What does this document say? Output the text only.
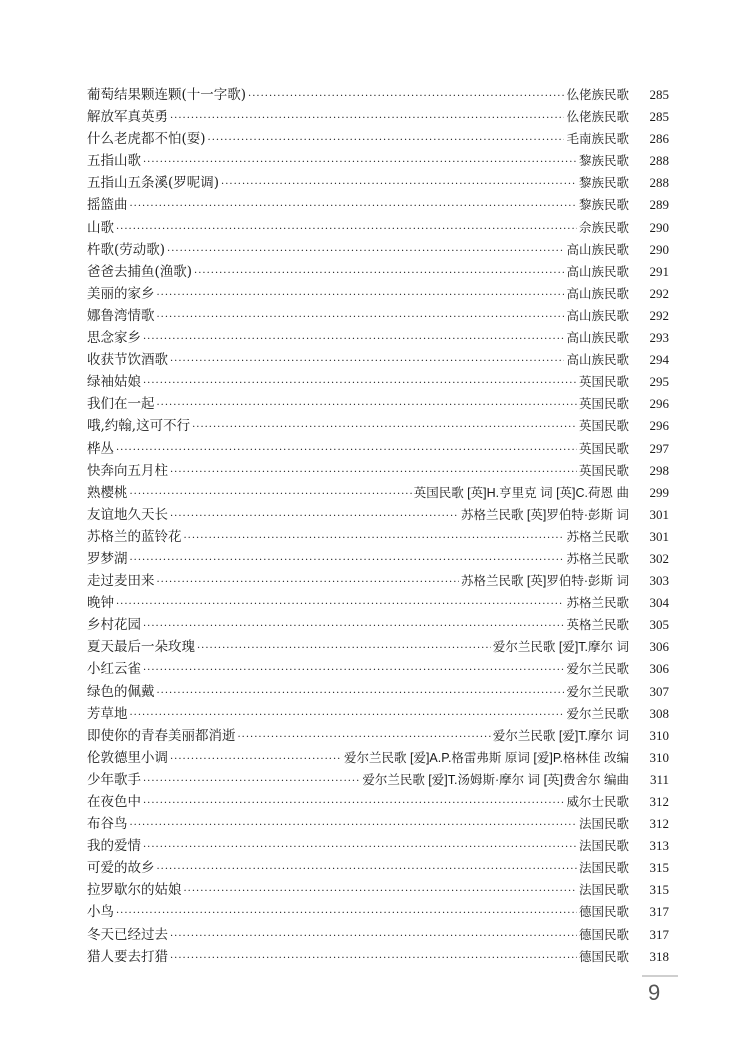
葡萄结果颗连颗(十一字歌) ·····	仫佬族民歌	285
解放军真英勇 ·····	仫佬族民歌	285
什么老虎都不怕(耍) ·····	毛南族民歌	286
五指山歌 ·····	黎族民歌	288
五指山五条溪(罗呢调) ·····	黎族民歌	288
摇篮曲 ·····	黎族民歌	289
山歌 ·····	佘族民歌	290
杵歌(劳动歌) ·····	高山族民歌	290
爸爸去捕鱼(渔歌) ·····	高山族民歌	291
美丽的家乡 ·····	高山族民歌	292
娜鲁湾情歌 ·····	高山族民歌	292
思念家乡 ·····	高山族民歌	293
收获节饮酒歌 ·····	高山族民歌	294
绿袖姑娘 ·····	英国民歌	295
我们在一起 ·····	英国民歌	296
哦,约翰,这可不行 ·····	英国民歌	296
桦丛 ·····	英国民歌	297
快奔向五月柱 ·····	英国民歌	298
熟樱桃 ·····	英国民歌 [英]H.亨里克 词 [英]C.荷恩 曲	299
友谊地久天长 ·····	苏格兰民歌 [英]罗伯特·彭斯 词	301
苏格兰的蓝铃花 ·····	苏格兰民歌	301
罗梦湖 ·····	苏格兰民歌	302
走过麦田来 ·····	苏格兰民歌 [英]罗伯特·彭斯 词	303
晚钟 ·····	苏格兰民歌	304
乡村花园 ·····	英格兰民歌	305
夏天最后一朵玫瑰 ·····	爱尔兰民歌 [爱]T.摩尔 词	306
小红云雀 ·····	爱尔兰民歌	306
绿色的佩戴 ·····	爱尔兰民歌	307
芳草地 ·····	爱尔兰民歌	308
即使你的青春美丽都消逝 ·····	爱尔兰民歌 [爱]T.摩尔 词	310
伦敦德里小调 ·····	爱尔兰民歌 [爱]A.P.格雷弗斯 原词 [爱]P.格林佳 改编	310
少年歌手 ·····	爱尔兰民歌 [爱]T.汤姆斯·摩尔 词 [英]费舍尔 编曲	311
在夜色中 ·····	威尔士民歌	312
布谷鸟 ·····	法国民歌	312
我的爱情 ·····	法国民歌	313
可爱的故乡 ·····	法国民歌	315
拉罗歇尔的姑娘 ·····	法国民歌	315
小鸟 ·····	德国民歌	317
冬天已经过去 ·····	德国民歌	317
猎人要去打猎 ·····	德国民歌	318
9
